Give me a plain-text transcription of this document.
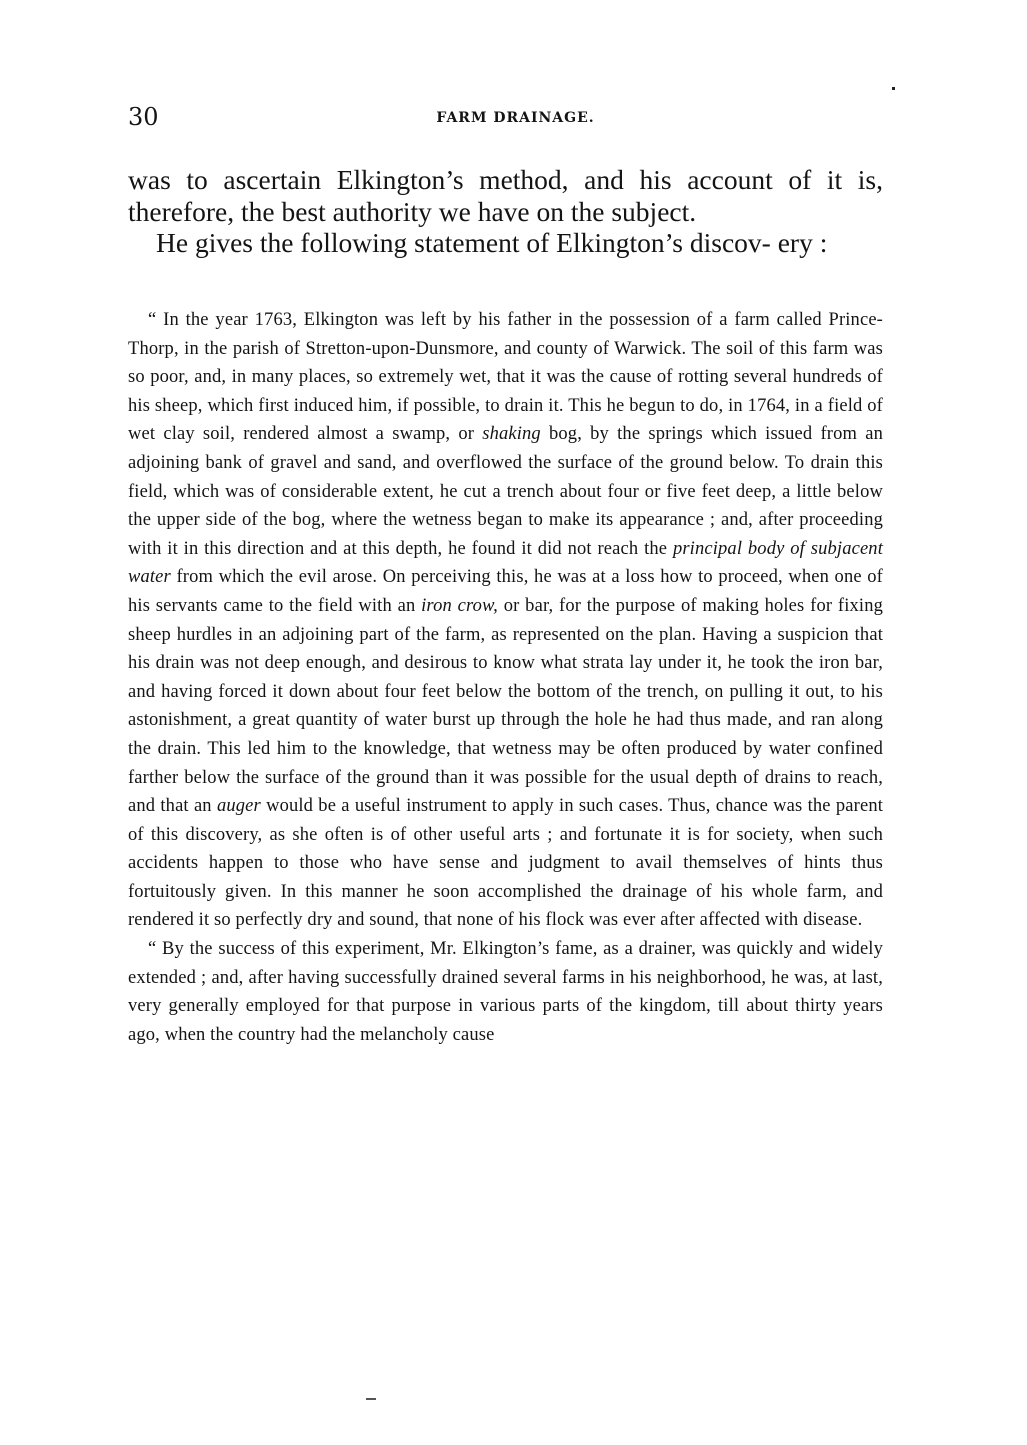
30	FARM DRAINAGE.

was to ascertain Elkington’s method, and his account of it is, therefore, the best authority we have on the subject.

He gives the following statement of Elkington’s discov- ery :

“ In the year 1763, Elkington was left by his father in the possession of a farm called Prince-Thorp, in the parish of Stretton-upon-Dunsmore, and county of Warwick. The soil of this farm was so poor, and, in many places, so extremely wet, that it was the cause of rotting several hundreds of his sheep, which first induced him, if possible, to drain it. This he begun to do, in 1764, in a field of wet clay soil, rendered almost a swamp, or shaking bog, by the springs which issued from an adjoining bank of gravel and sand, and overflowed the surface of the ground below. To drain this field, which was of considerable extent, he cut a trench about four or five feet deep, a little below the upper side of the bog, where the wetness began to make its appearance ; and, after proceeding with it in this direction and at this depth, he found it did not reach the principal body of subjacent water from which the evil arose. On perceiving this, he was at a loss how to proceed, when one of his servants came to the field with an iron crow, or bar, for the purpose of making holes for fixing sheep hurdles in an adjoining part of the farm, as represented on the plan. Having a suspicion that his drain was not deep enough, and desirous to know what strata lay under it, he took the iron bar, and having forced it down about four feet below the bottom of the trench, on pulling it out, to his astonishment, a great quantity of water burst up through the hole he had thus made, and ran along the drain. This led him to the knowledge, that wetness may be often produced by water confined farther below the surface of the ground than it was possible for the usual depth of drains to reach, and that an auger would be a useful instrument to apply in such cases. Thus, chance was the parent of this discovery, as she often is of other useful arts ; and fortunate it is for society, when such accidents happen to those who have sense and judgment to avail themselves of hints thus fortuitously given. In this manner he soon accomplished the drainage of his whole farm, and rendered it so perfectly dry and sound, that none of his flock was ever after affected with disease.

“ By the success of this experiment, Mr. Elkington’s fame, as a drainer, was quickly and widely extended ; and, after having successfully drained several farms in his neighborhood, he was, at last, very generally employed for that purpose in various parts of the kingdom, till about thirty years ago, when the country had the melancholy cause
